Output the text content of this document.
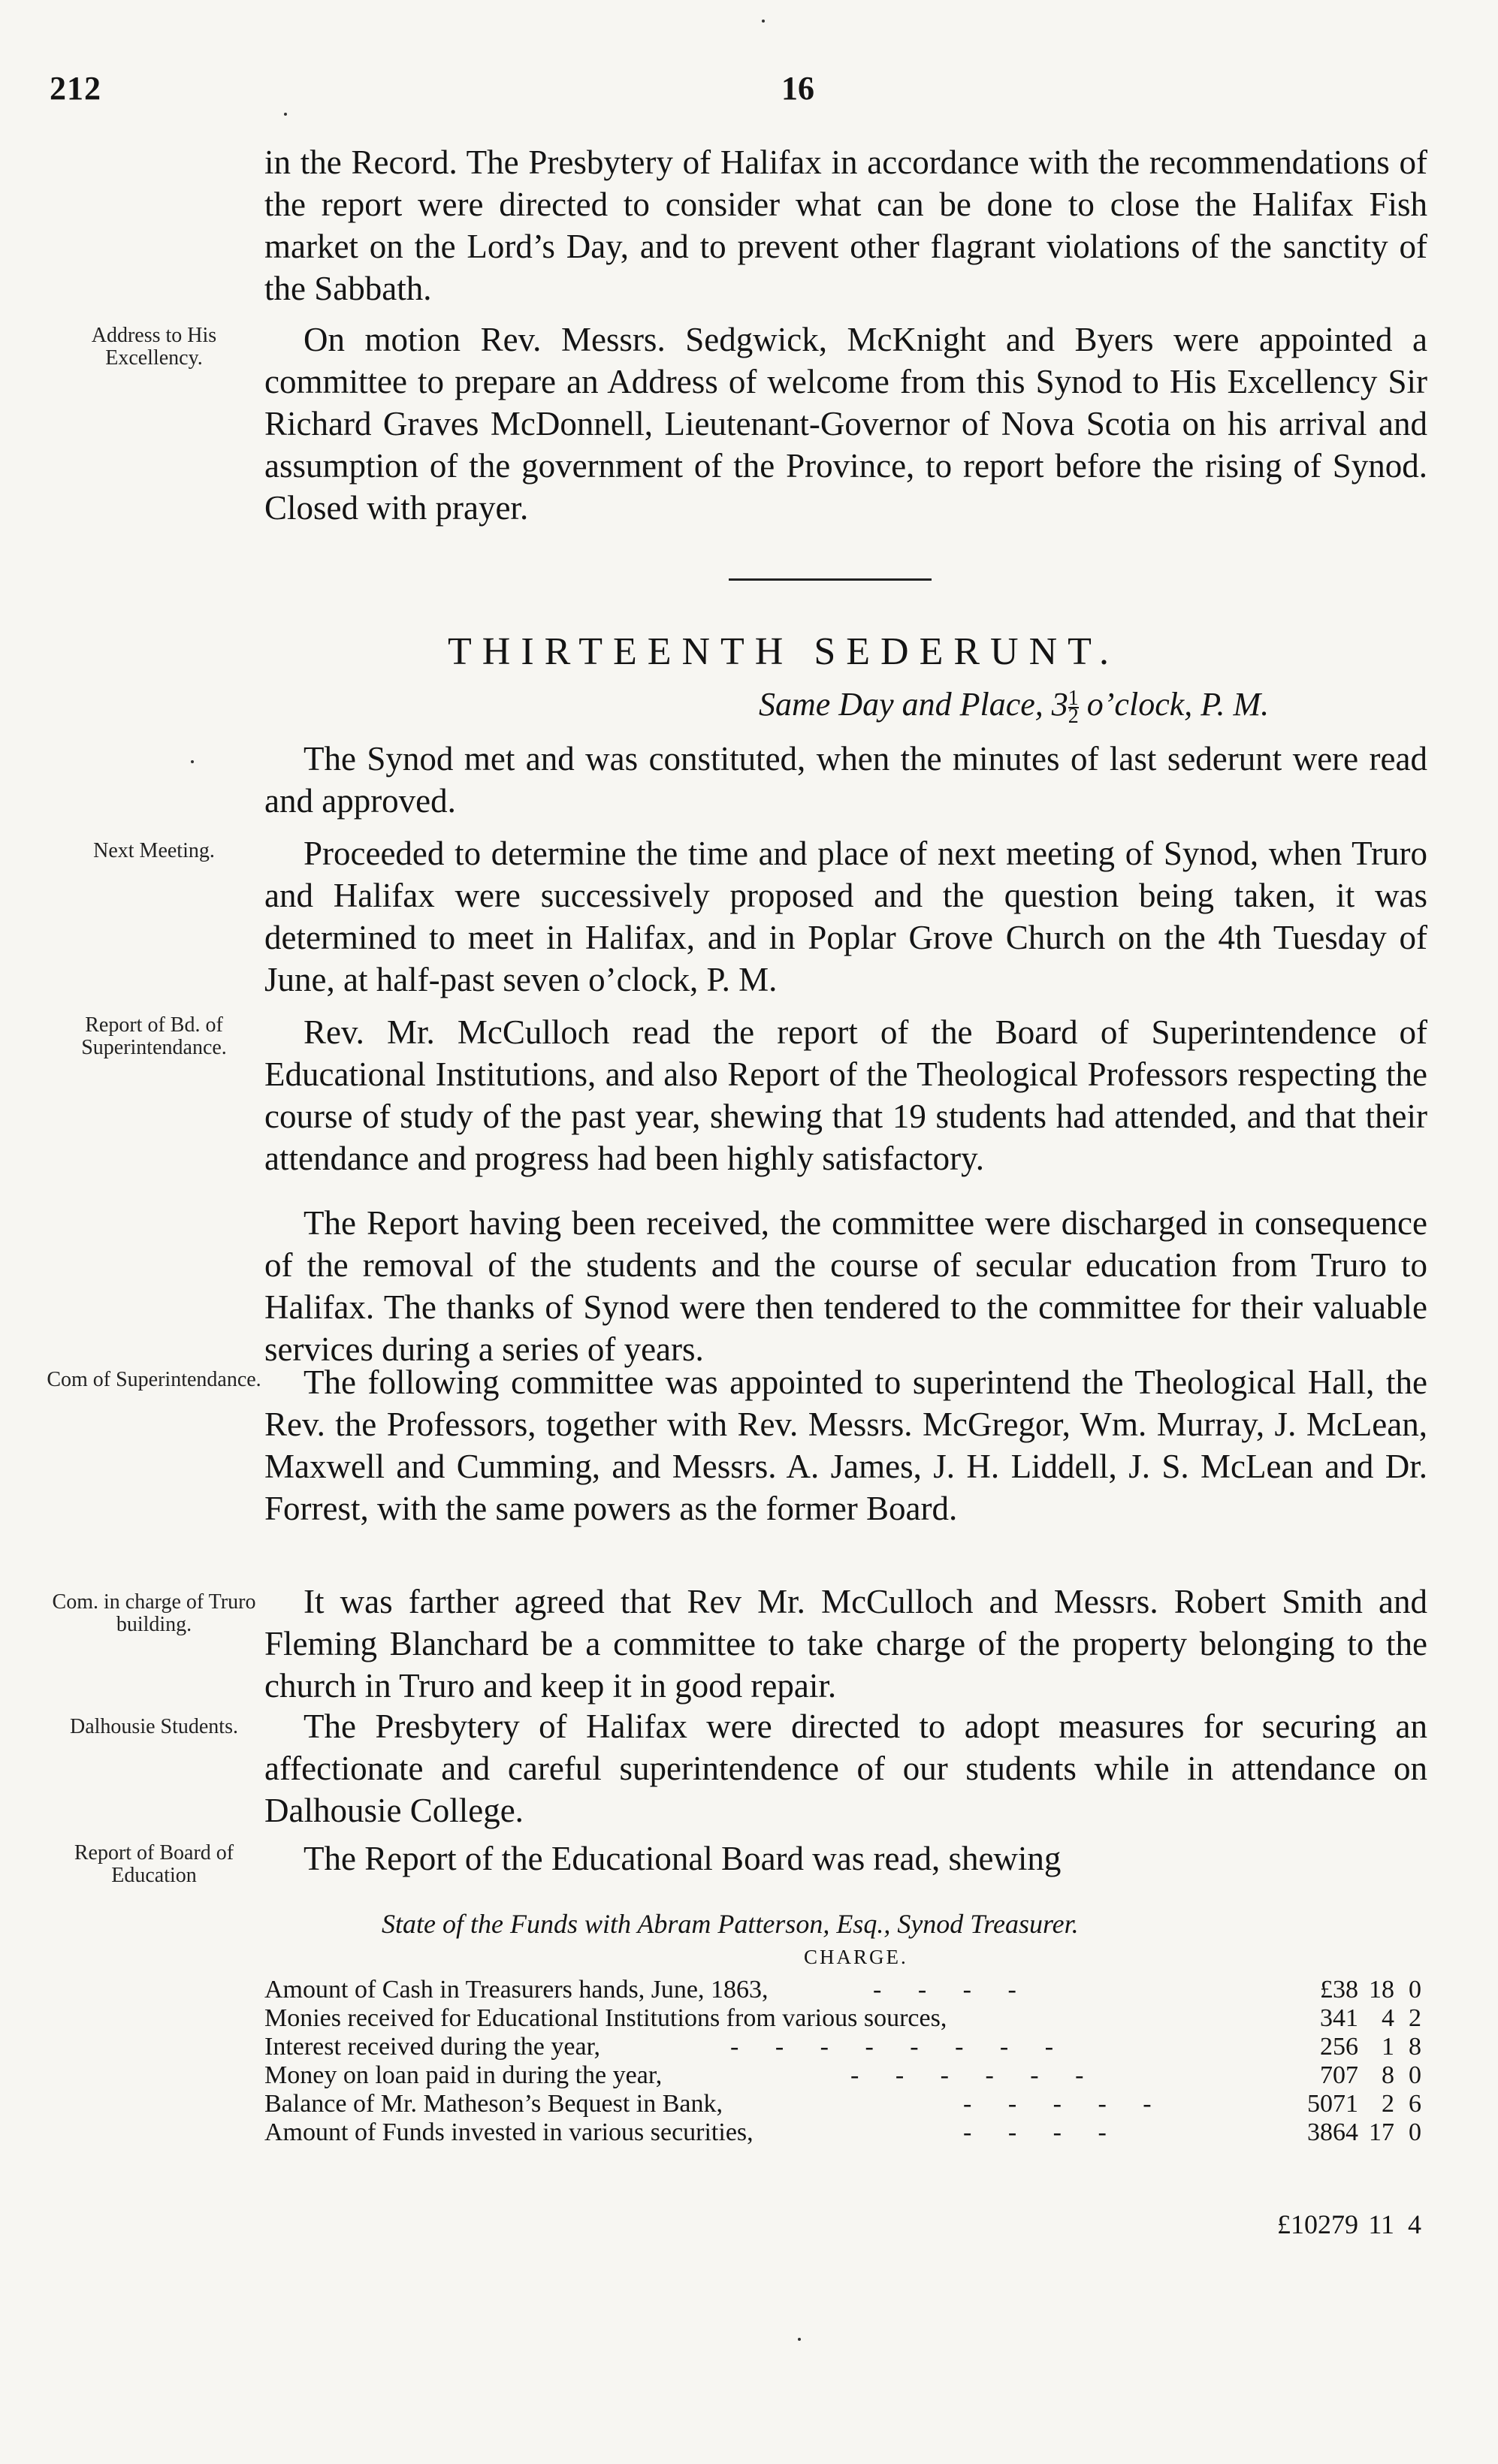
212	16
in the Record. The Presbytery of Halifax in accordance with the recommendations of the report were directed to consider what can be done to close the Halifax Fish market on the Lord’s Day, and to prevent other flagrant violations of the sanctity of the Sabbath.
Address to His Excellency.	On motion Rev. Messrs. Sedgwick, McKnight and Byers were appointed a committee to prepare an Address of welcome from this Synod to His Excellency Sir Richard Graves McDonnell, Lieutenant-Governor of Nova Scotia on his arrival and assumption of the government of the Province, to report before the rising of Synod. Closed with prayer.
THIRTEENTH SEDERUNT.
Same Day and Place, $3 \frac{1}{2}$ o’clock, P. M.
The Synod met and was constituted, when the minutes of last sederunt were read and approved.
Next Meeting.	Proceeded to determine the time and place of next meeting of Synod, when Truro and Halifax were successively proposed and the question being taken, it was determined to meet in Halifax, and in Poplar Grove Church on the 4th Tuesday of June, at half-past seven o’clock, P. M.
Report of Bd. of Superintendance.	Rev. Mr. McCulloch read the report of the Board of Superintendence of Educational Institutions, and also Report of the Theological Professors respecting the course of study of the past year, shewing that 19 students had attended, and that their attendance and progress had been highly satisfactory.
The Report having been received, the committee were discharged in consequence of the removal of the students and the course of secular education from Truro to Halifax. The thanks of Synod were then tendered to the committee for their valuable services during a series of years.
Com of Superintendance.	The following committee was appointed to superintend the Theological Hall, the Rev. the Professors, together with Rev. Messrs. McGregor, Wm. Murray, J. McLean, Maxwell and Cumming, and Messrs. A. James, J. H. Liddell, J. S. McLean and Dr. Forrest, with the same powers as the former Board.
Com. in charge of Truro building.
It was farther agreed that Rev Mr. McCulloch and Messrs. Robert Smith and Fleming Blanchard be a committee to take charge of the property belonging to the church in Truro and keep it in good repair.
Dalhousie Students.	The Presbytery of Halifax were directed to adopt measures for securing an affectionate and careful superintendence of our students while in attendance on Dalhousie College.
Report of Board of Education	The Report of the Educational Board was read, shewing
State of the Funds with Abram Patterson, Esq., Synod Treasurer.
CHARGE.
Amount of Cash in Treasurers hands, June, 1863,	- - - -	£38 18 0
Monies received for Educational Institutions from various sources,	341 4 2
Interest received during the year,	- - - - - - - -	256 1 8
Money on loan paid in during the year,	- - - - - -	707 8 0
Balance of Mr. Matheson’s Bequest in Bank,	- - - - -	5071 2 6
Amount of Funds invested in various securities,	- - - -	3864 17 0
£10279 11 4
